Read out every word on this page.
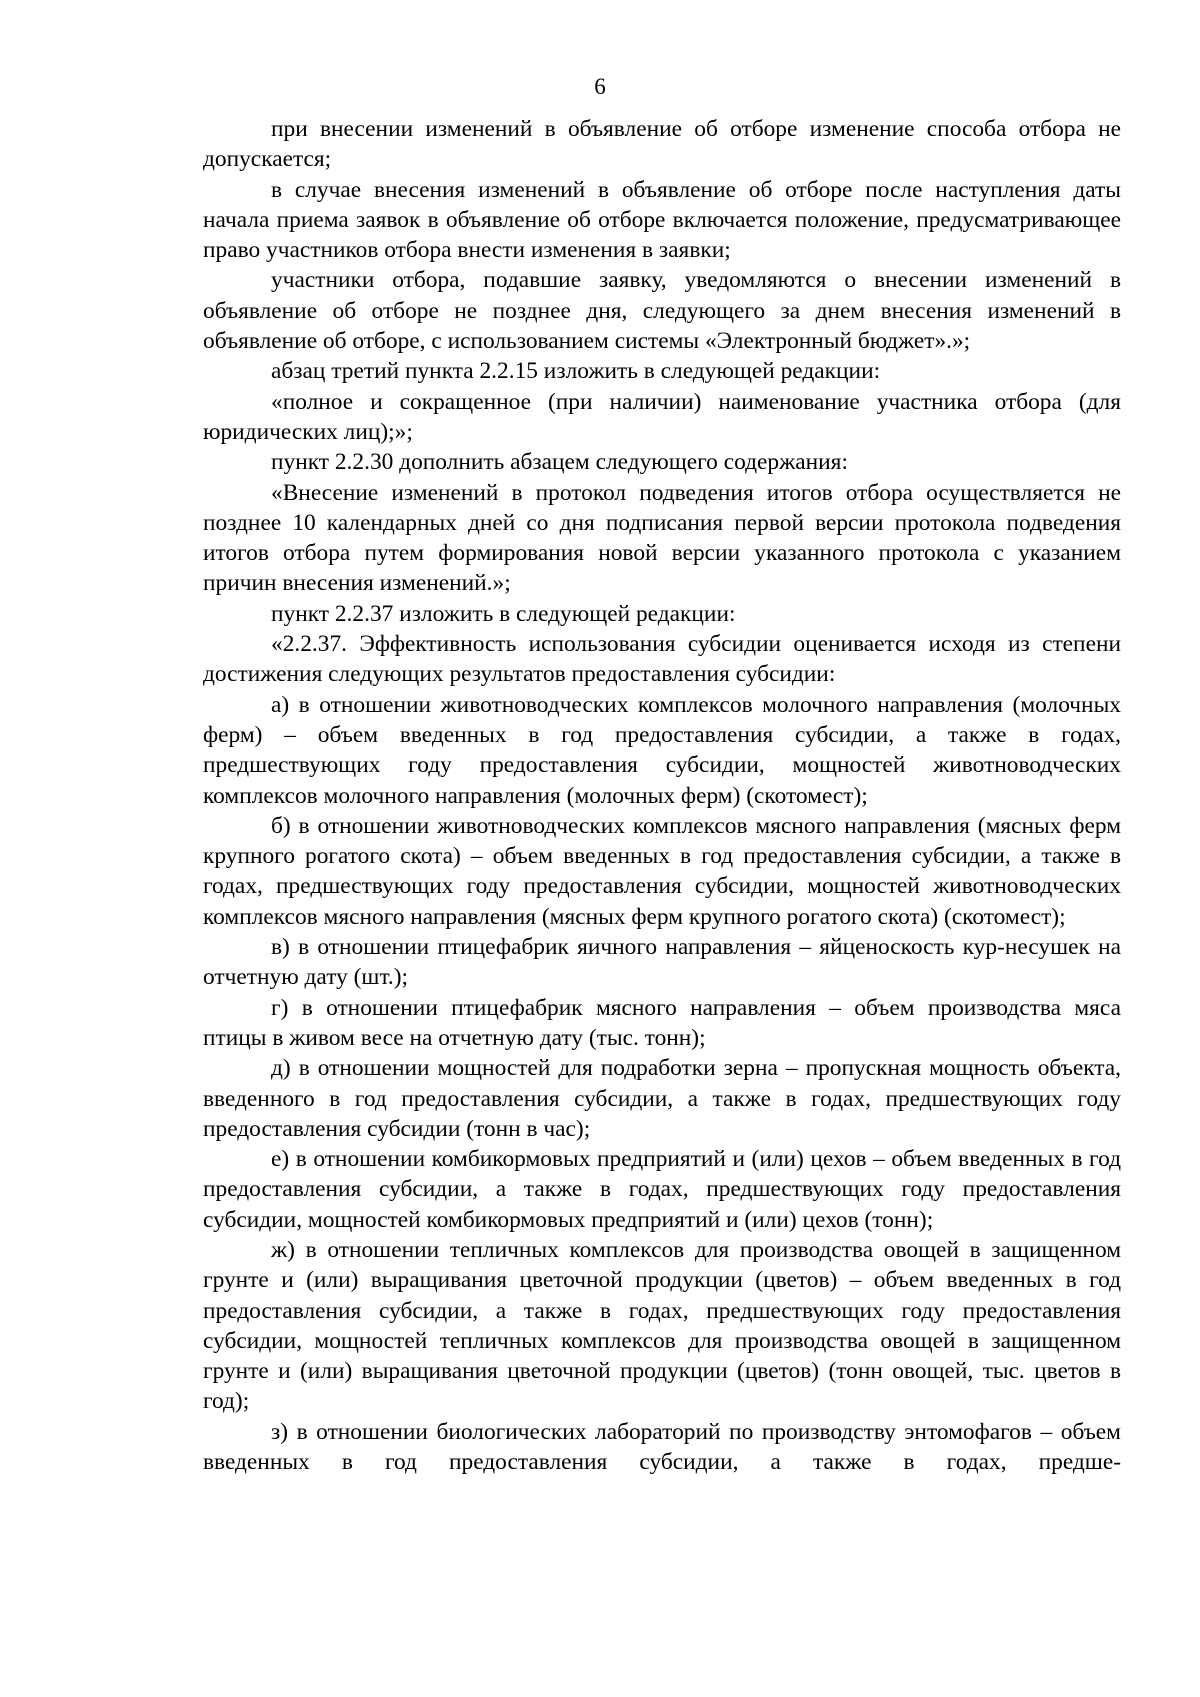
6

при внесении изменений в объявление об отборе изменение способа отбора не допускается;

в случае внесения изменений в объявление об отборе после наступления даты начала приема заявок в объявление об отборе включается положение, предусматривающее право участников отбора внести изменения в заявки;

участники отбора, подавшие заявку, уведомляются о внесении изменений в объявление об отборе не позднее дня, следующего за днем внесения изменений в объявление об отборе, с использованием системы «Электронный бюджет».»;

абзац третий пункта 2.2.15 изложить в следующей редакции:

«полное и сокращенное (при наличии) наименование участника отбора (для юридических лиц);»;

пункт 2.2.30 дополнить абзацем следующего содержания:

«Внесение изменений в протокол подведения итогов отбора осуществляется не позднее 10 календарных дней со дня подписания первой версии протокола подведения итогов отбора путем формирования новой версии указанного протокола с указанием причин внесения изменений.»;

пункт 2.2.37 изложить в следующей редакции:

«2.2.37. Эффективность использования субсидии оценивается исходя из степени достижения следующих результатов предоставления субсидии:

а) в отношении животноводческих комплексов молочного направления (молочных ферм) – объем введенных в год предоставления субсидии, а также в годах, предшествующих году предоставления субсидии, мощностей животноводческих комплексов молочного направления (молочных ферм) (скотомест);

б) в отношении животноводческих комплексов мясного направления (мясных ферм крупного рогатого скота) – объем введенных в год предоставления субсидии, а также в годах, предшествующих году предоставления субсидии, мощностей животноводческих комплексов мясного направления (мясных ферм крупного рогатого скота) (скотомест);

в) в отношении птицефабрик яичного направления – яйценоскость кур-несушек на отчетную дату (шт.);

г) в отношении птицефабрик мясного направления – объем производства мяса птицы в живом весе на отчетную дату (тыс. тонн);

д) в отношении мощностей для подработки зерна – пропускная мощность объекта, введенного в год предоставления субсидии, а также в годах, предшествующих году предоставления субсидии (тонн в час);

е) в отношении комбикормовых предприятий и (или) цехов – объем введенных в год предоставления субсидии, а также в годах, предшествующих году предоставления субсидии, мощностей комбикормовых предприятий и (или) цехов (тонн);

ж) в отношении тепличных комплексов для производства овощей в защищенном грунте и (или) выращивания цветочной продукции (цветов) – объем введенных в год предоставления субсидии, а также в годах, предшествующих году предоставления субсидии, мощностей тепличных комплексов для производства овощей в защищенном грунте и (или) выращивания цветочной продукции (цветов) (тонн овощей, тыс. цветов в год);

з) в отношении биологических лабораторий по производству энтомофагов – объем введенных в год предоставления субсидии, а также в годах, предше-
